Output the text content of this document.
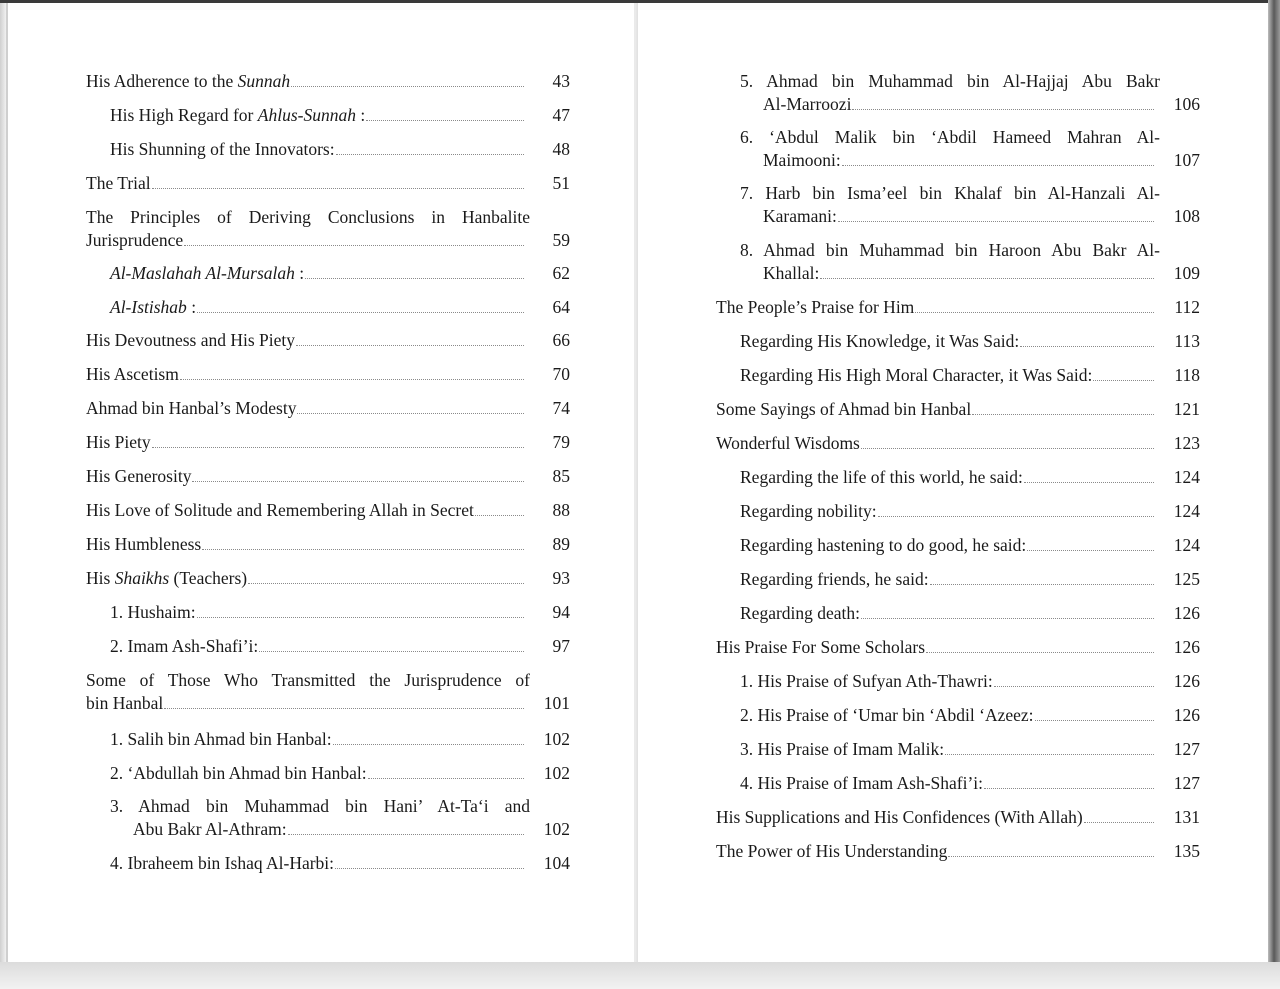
His Adherence to the Sunnah	43
His High Regard for Ahlus-Sunnah :	47
His Shunning of the Innovators:	48
The Trial	51
The Principles of Deriving Conclusions in Hanbalite
Jurisprudence	59
Al-Maslahah Al-Mursalah :	62
Al-Istishab :	64
His Devoutness and His Piety	66
His Ascetism	70
Ahmad bin Hanbal’s Modesty	74
His Piety	79
His Generosity	85
His Love of Solitude and Remembering Allah in Secret	88
His Humbleness	89
His Shaikhs (Teachers)	93
1. Hushaim:	94
2. Imam Ash-Shafi’i:	97
Some of Those Who Transmitted the Jurisprudence of
bin Hanbal	101
1. Salih bin Ahmad bin Hanbal:	102
2. ‘Abdullah bin Ahmad bin Hanbal:	102
3. Ahmad bin Muhammad bin Hani’ At-Ta‘i and
Abu Bakr Al-Athram:	102
4. Ibraheem bin Ishaq Al-Harbi:	104
5. Ahmad bin Muhammad bin Al-Hajjaj Abu Bakr
Al-Marroozi	106
6. ‘Abdul Malik bin ‘Abdil Hameed Mahran Al-
Maimooni:	107
7. Harb bin Isma’eel bin Khalaf bin Al-Hanzali Al-
Karamani:	108
8. Ahmad bin Muhammad bin Haroon Abu Bakr Al-
Khallal:	109
The People’s Praise for Him	112
Regarding His Knowledge, it Was Said:	113
Regarding His High Moral Character, it Was Said:	118
Some Sayings of Ahmad bin Hanbal	121
Wonderful Wisdoms	123
Regarding the life of this world, he said:	124
Regarding nobility:	124
Regarding hastening to do good, he said:	124
Regarding friends, he said:	125
Regarding death:	126
His Praise For Some Scholars	126
1. His Praise of Sufyan Ath-Thawri:	126
2. His Praise of ‘Umar bin ‘Abdil ‘Azeez:	126
3. His Praise of Imam Malik:	127
4. His Praise of Imam Ash-Shafi’i:	127
His Supplications and His Confidences (With Allah)	131
The Power of His Understanding	135
